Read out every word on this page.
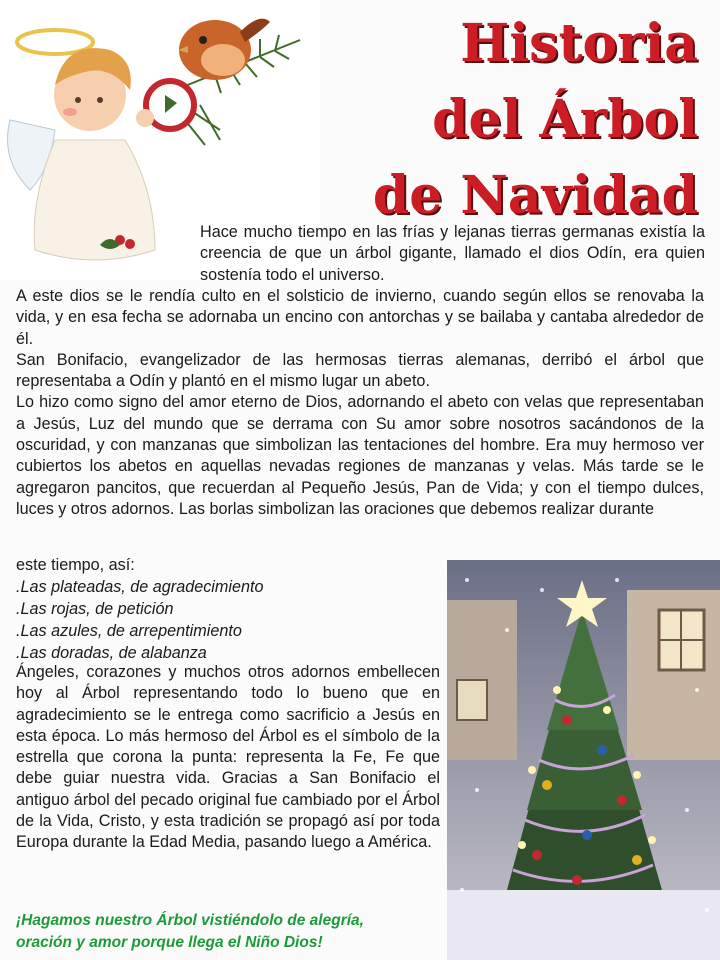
Historia
del Árbol
de Navidad

Hace mucho tiempo en las frías y lejanas tierras germanas existía la creencia de que un árbol gigante, llamado el dios Odín, era quien sostenía todo el universo.

A este dios se le rendía culto en el solsticio de invierno, cuando según ellos se renovaba la vida, y en esa fecha se adornaba un encino con antorchas y se bailaba y cantaba alrededor de él.

San Bonifacio, evangelizador de las hermosas tierras alemanas, derribó el árbol que representaba a Odín y plantó en el mismo lugar un abeto.

Lo hizo como signo del amor eterno de Dios, adornando el abeto con velas que representaban a Jesús, Luz del mundo que se derrama con Su amor sobre nosotros sacándonos de la oscuridad, y con manzanas que simbolizan las tentaciones del hombre. Era muy hermoso ver cubiertos los abetos en aquellas nevadas regiones de manzanas y velas. Más tarde se le agregaron pancitos, que recuerdan al Pequeño Jesús, Pan de Vida; y con el tiempo dulces, luces y otros adornos. Las borlas simbolizan las oraciones que debemos realizar durante

este tiempo, así:

.Las plateadas, de agradecimiento
.Las rojas, de petición
.Las azules, de arrepentimiento
.Las doradas, de alabanza

Ángeles, corazones y muchos otros adornos embellecen hoy al Árbol representando todo lo bueno que en agradecimiento se le entrega como sacrificio a Jesús en esta época. Lo más hermoso del Árbol es el símbolo de la estrella que corona la punta: representa la Fe, Fe que debe guiar nuestra vida. Gracias a San Bonifacio el antiguo árbol del pecado original fue cambiado por el Árbol de la Vida, Cristo, y esta tradición se propagó así por toda Europa durante la Edad Media, pasando luego a América.

¡Hagamos nuestro Árbol vistiéndolo de alegría,
oración y amor porque llega el Niño Dios!
